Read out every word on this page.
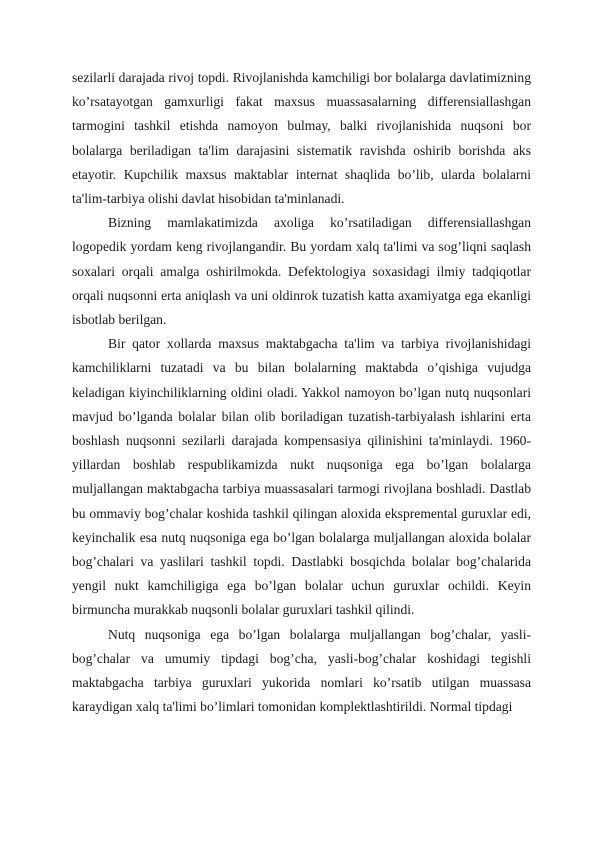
sezilarli darajada rivoj topdi. Rivojlanishda kamchiligi bor bolalarga davlatimizning ko’rsatayotgan gamxurligi fakat maxsus muassasalarning differensiallashgan tarmogini tashkil etishda namoyon bulmay, balki rivojlanishida nuqsoni bor bolalarga beriladigan ta'lim darajasini sistematik ravishda oshirib borishda aks etayotir. Kupchilik maxsus maktablar internat shaqlida bo’lib, ularda bolalarni ta'lim-tarbiya olishi davlat hisobidan ta'minlanadi.

Bizning mamlakatimizda axoliga ko’rsatiladigan differensiallashgan logopedik yordam keng rivojlangandir. Bu yordam xalq ta'limi va sog’liqni saqlash soxalari orqali amalga oshirilmokda. Defektologiya soxasidagi ilmiy tadqiqotlar orqali nuqsonni erta aniqlash va uni oldinrok tuzatish katta axamiyatga ega ekanligi isbotlab berilgan.

Bir qator xollarda maxsus maktabgacha ta'lim va tarbiya rivojlanishidagi kamchiliklarni tuzatadi va bu bilan bolalarning maktabda o’qishiga vujudga keladigan kiyinchiliklarning oldini oladi. Yakkol namoyon bo’lgan nutq nuqsonlari mavjud bo’lganda bolalar bilan olib boriladigan tuzatish-tarbiyalash ishlarini erta boshlash nuqsonni sezilarli darajada kompensasiya qilinishini ta'minlaydi. 1960-yillardan boshlab respublikamizda nukt nuqsoniga ega bo’lgan bolalarga muljallangan maktabgacha tarbiya muassasalari tarmogi rivojlana boshladi. Dastlab bu ommaviy bog’chalar koshida tashkil qilingan aloxida ekspremental guruxlar edi, keyinchalik esa nutq nuqsoniga ega bo’lgan bolalarga muljallangan aloxida bolalar bog’chalari va yaslilari tashkil topdi. Dastlabki bosqichda bolalar bog’chalarida yengil nukt kamchiligiga ega bo’lgan bolalar uchun guruxlar ochildi. Keyin birmuncha murakkab nuqsonli bolalar guruxlari tashkil qilindi.

Nutq nuqsoniga ega bo’lgan bolalarga muljallangan bog’chalar, yasli-bog’chalar va umumiy tipdagi bog’cha, yasli-bog’chalar koshidagi tegishli maktabgacha tarbiya guruxlari yukorida nomlari ko’rsatib utilgan muassasa karaydigan xalq ta'limi bo’limlari tomonidan komplektlashtirildi. Normal tipdagi
